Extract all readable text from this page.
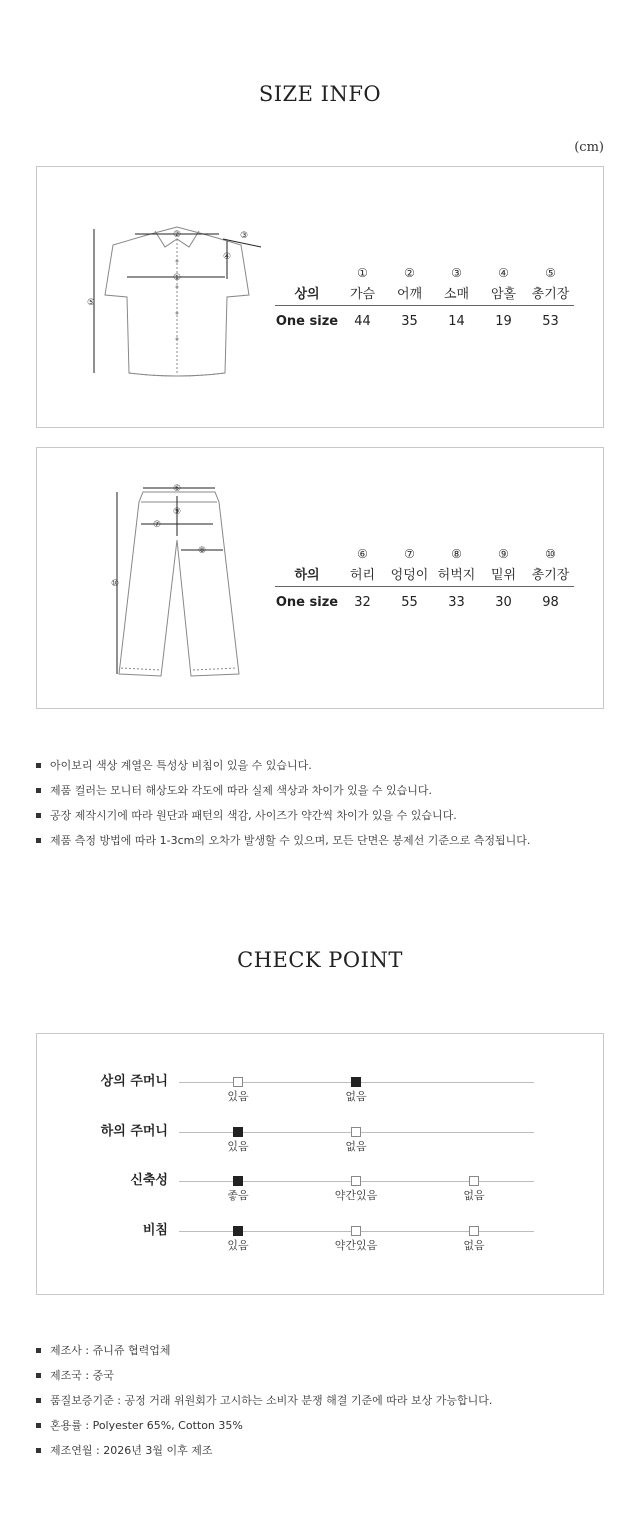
SIZE INFO
(cm)
①
②	③
④
⑤
	①	②	③	④	⑤
상의	가슴	어깨	소매	암홀	총기장
One size	44	35	14	19	53
⑥
⑨
⑦
⑧
⑩
	⑥	⑦	⑧	⑨	⑩
하의	허리	엉덩이	허벅지	밑위	총기장
One size	32	55	33	30	98
아이보리 색상 계열은 특성상 비침이 있을 수 있습니다.
제품 컬러는 모니터 해상도와 각도에 따라 실제 색상과 차이가 있을 수 있습니다.
공장 제작시기에 따라 원단과 패턴의 색감, 사이즈가 약간씩 차이가 있을 수 있습니다.
제품 측정 방법에 따라 1-3cm의 오차가 발생할 수 있으며, 모든 단면은 봉제선 기준으로 측정됩니다.
CHECK POINT
상의 주머니
있음	없음
하의 주머니
있음	없음
신축성
좋음	약간있음	없음
비침
있음	약간있음	없음
제조사 : 쥬니쥬 협력업체
제조국 : 중국
품질보증기준 : 공정 거래 위원회가 고시하는 소비자 분쟁 해결 기준에 따라 보상 가능합니다.
혼용률 : Polyester 65%, Cotton 35%
제조연월 : 2026년 3월 이후 제조
